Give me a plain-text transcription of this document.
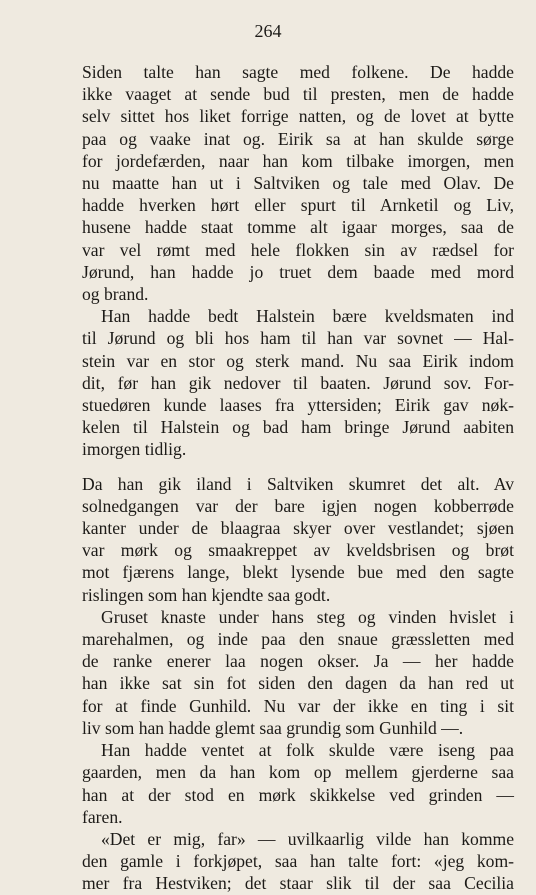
264
Siden talte han sagte med folkene. De hadde
ikke vaaget at sende bud til presten, men de hadde
selv sittet hos liket forrige natten, og de lovet at bytte
paa og vaake inat og. Eirik sa at han skulde sørge
for jordefærden, naar han kom tilbake imorgen, men
nu maatte han ut i Saltviken og tale med Olav. De
hadde hverken hørt eller spurt til Arnketil og Liv,
husene hadde staat tomme alt igaar morges, saa de
var vel rømt med hele flokken sin av rædsel for
Jørund, han hadde jo truet dem baade med mord
og brand.
Han hadde bedt Halstein bære kveldsmaten ind
til Jørund og bli hos ham til han var sovnet — Hal-
stein var en stor og sterk mand. Nu saa Eirik indom
dit, før han gik nedover til baaten. Jørund sov. For-
stuedøren kunde laases fra yttersiden; Eirik gav nøk-
kelen til Halstein og bad ham bringe Jørund aabiten
imorgen tidlig.
Da han gik iland i Saltviken skumret det alt. Av
solnedgangen var der bare igjen nogen kobberrøde
kanter under de blaagraa skyer over vestlandet; sjøen
var mørk og smaakreppet av kveldsbrisen og brøt
mot fjærens lange, blekt lysende bue med den sagte
rislingen som han kjendte saa godt.
Gruset knaste under hans steg og vinden hvislet i
marehalmen, og inde paa den snaue græssletten med
de ranke enerer laa nogen okser. Ja — her hadde
han ikke sat sin fot siden den dagen da han red ut
for at finde Gunhild. Nu var der ikke en ting i sit
liv som han hadde glemt saa grundig som Gunhild —.
Han hadde ventet at folk skulde være iseng paa
gaarden, men da han kom op mellem gjerderne saa
han at der stod en mørk skikkelse ved grinden —
faren.
«Det er mig, far» — uvilkaarlig vilde han komme
den gamle i forkjøpet, saa han talte fort: «jeg kom-
mer fra Hestviken; det staar slik til der saa Cecilia
